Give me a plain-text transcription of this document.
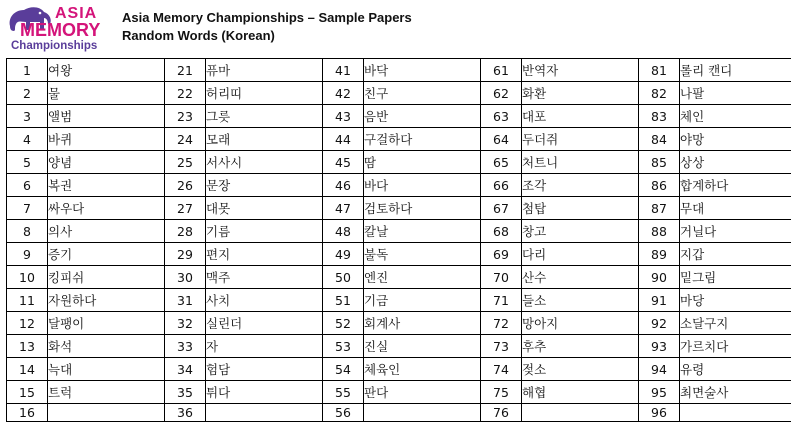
ASIA
MEMORY
Championships
Asia Memory Championships – Sample Papers
Random Words (Korean)
1	여왕	21	퓨마	41	바닥	61	반역자	81	롤리 캔디
2	물	22	허리띠	42	친구	62	화환	82	나팔
3	앨범	23	그릇	43	음반	63	대포	83	체인
4	바퀴	24	모래	44	구걸하다	64	두더쥐	84	야망
5	양념	25	서사시	45	땀	65	처트니	85	상상
6	복권	26	문장	46	바다	66	조각	86	합계하다
7	싸우다	27	대못	47	검토하다	67	첨탑	87	무대
8	의사	28	기름	48	칼날	68	창고	88	거닐다
9	증기	29	편지	49	불독	69	다리	89	지갑
10	킹피쉬	30	맥주	50	엔진	70	산수	90	밑그림
11	자원하다	31	사치	51	기금	71	들소	91	마당
12	달팽이	32	실린더	52	회계사	72	망아지	92	소달구지
13	화석	33	자	53	진실	73	후추	93	가르치다
14	늑대	34	험담	54	체육인	74	젖소	94	유령
15	트럭	35	튀다	55	판다	75	해협	95	최면술사
16		36		56		76		96	
